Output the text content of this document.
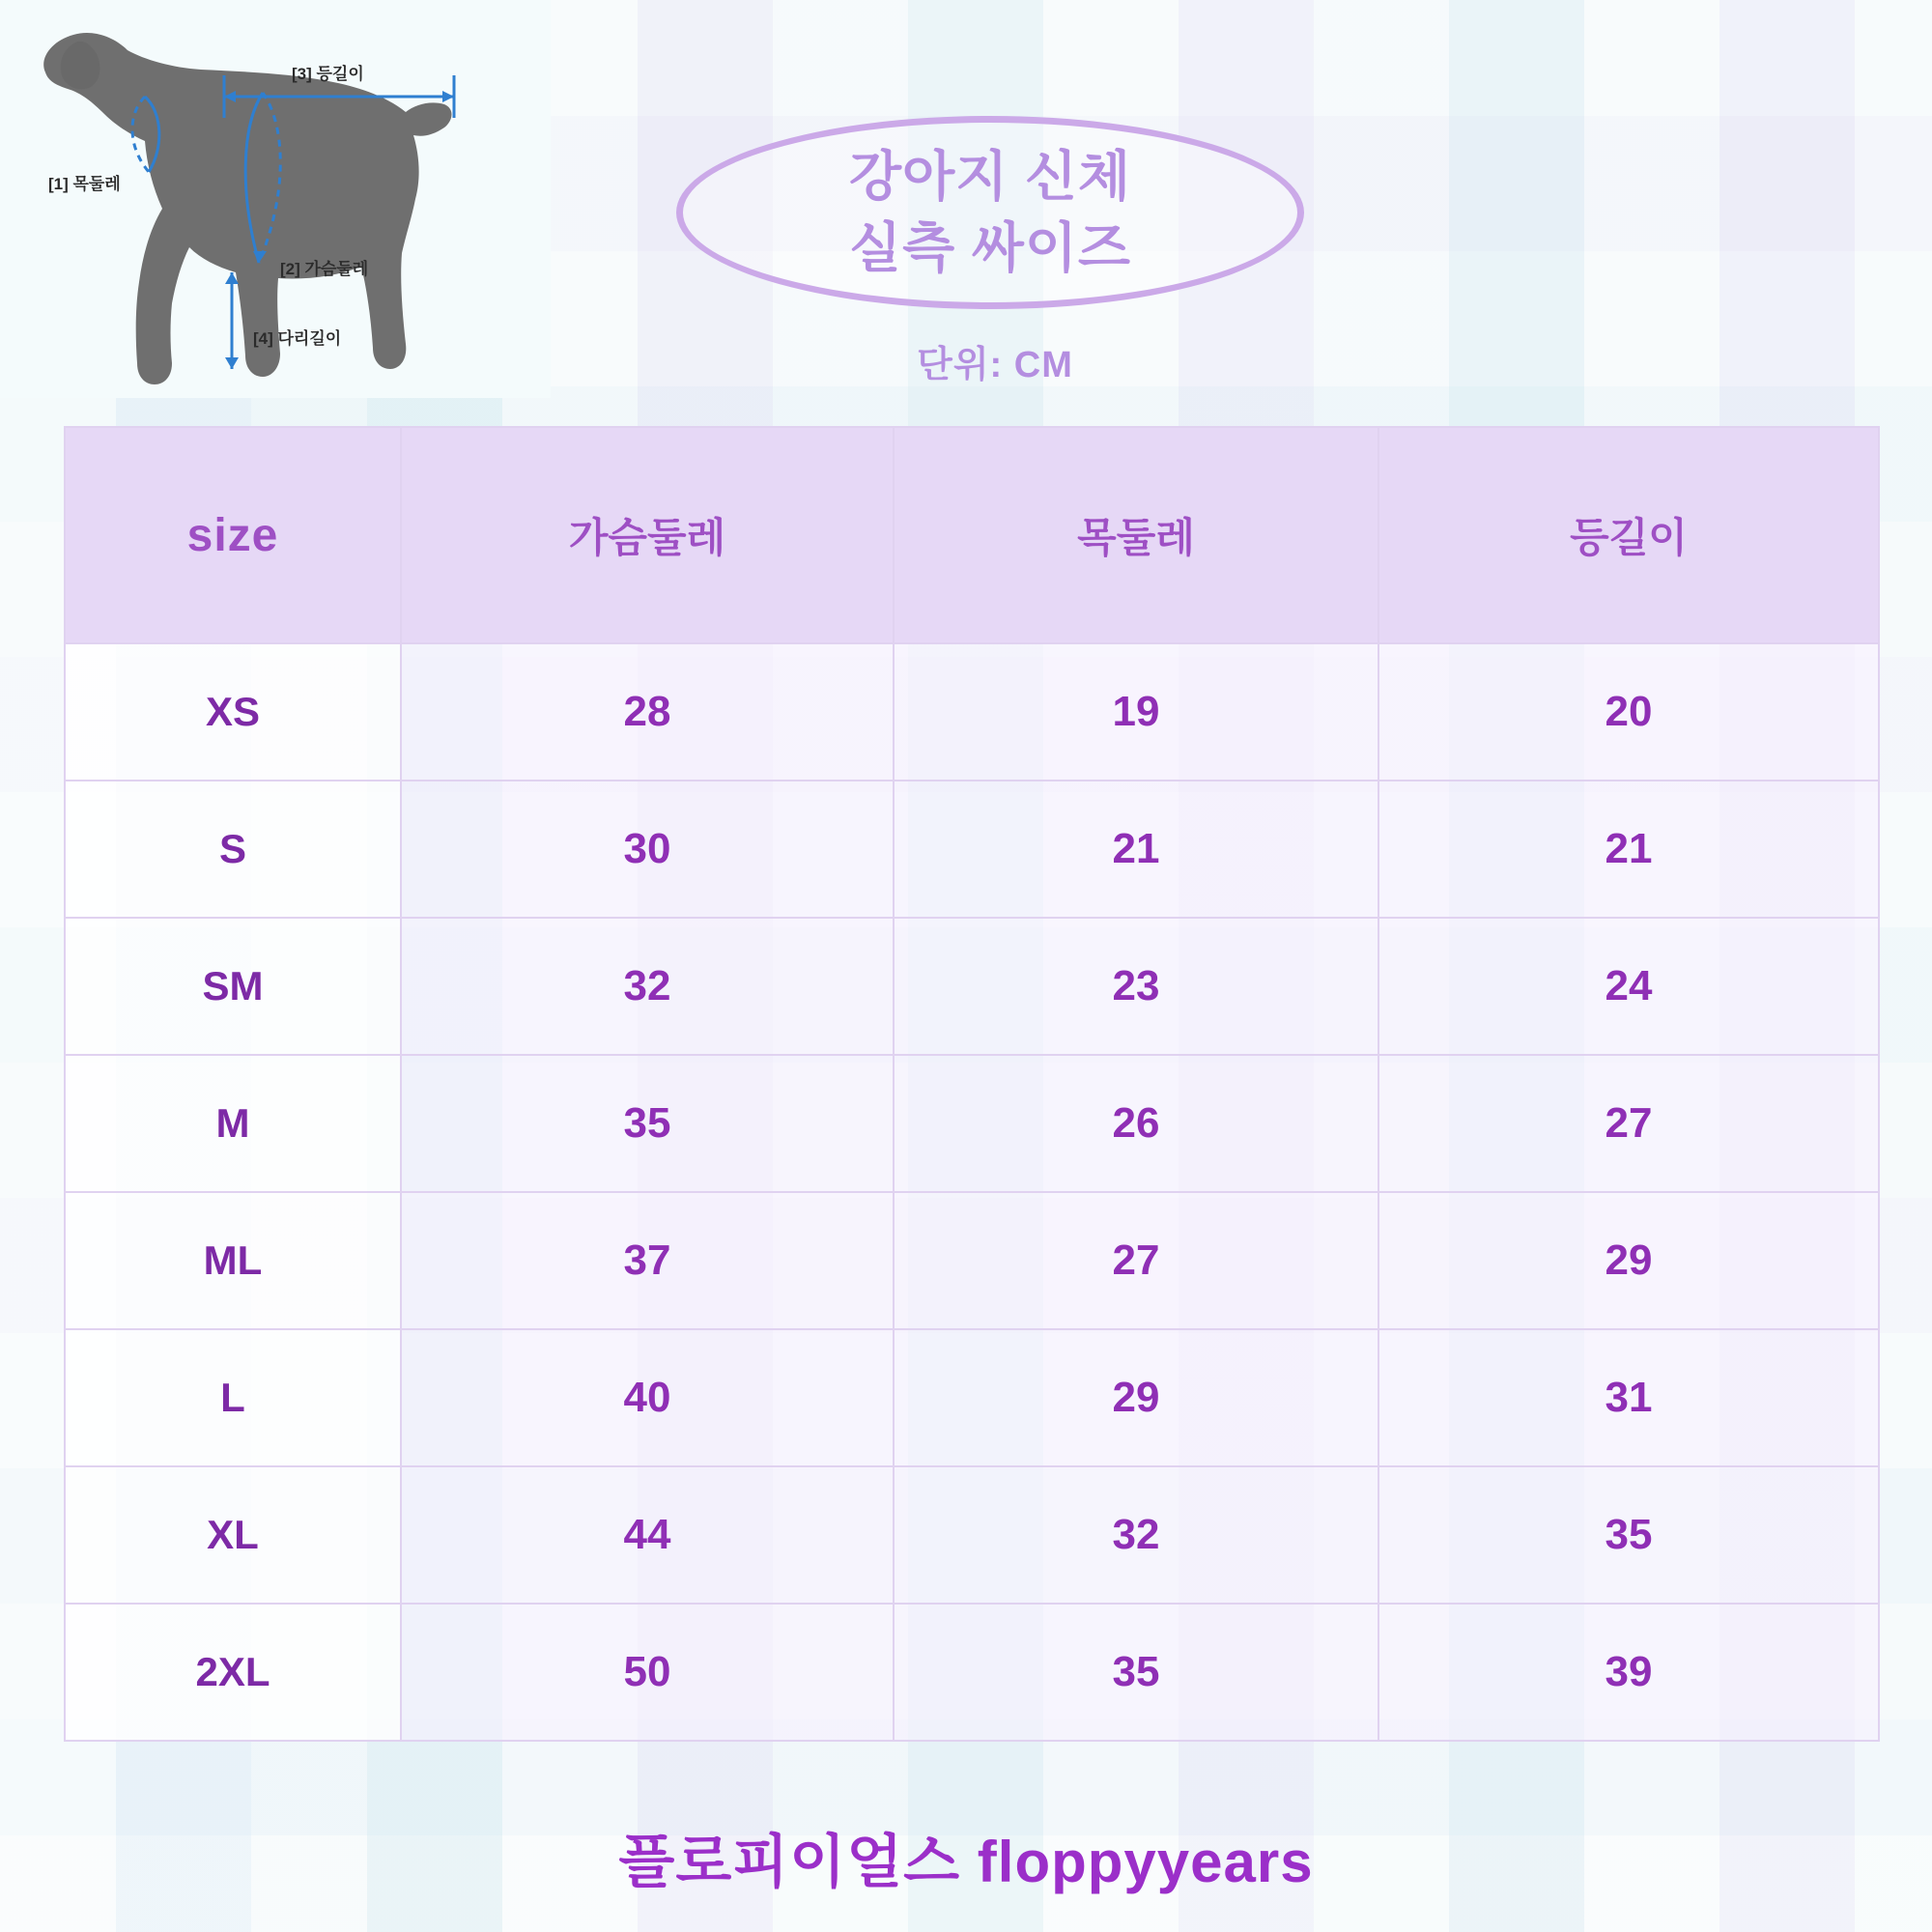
[3] 등길이
[1] 목둘레
[2] 가슴둘레
[4] 다리길이
강아지 신체
실측 싸이즈
단위: CM
size	가슴둘레	목둘레	등길이
XS	28	19	20
S	30	21	21
SM	32	23	24
M	35	26	27
ML	37	27	29
L	40	29	31
XL	44	32	35
2XL	50	35	39
플로피이얼스 floppyyears
